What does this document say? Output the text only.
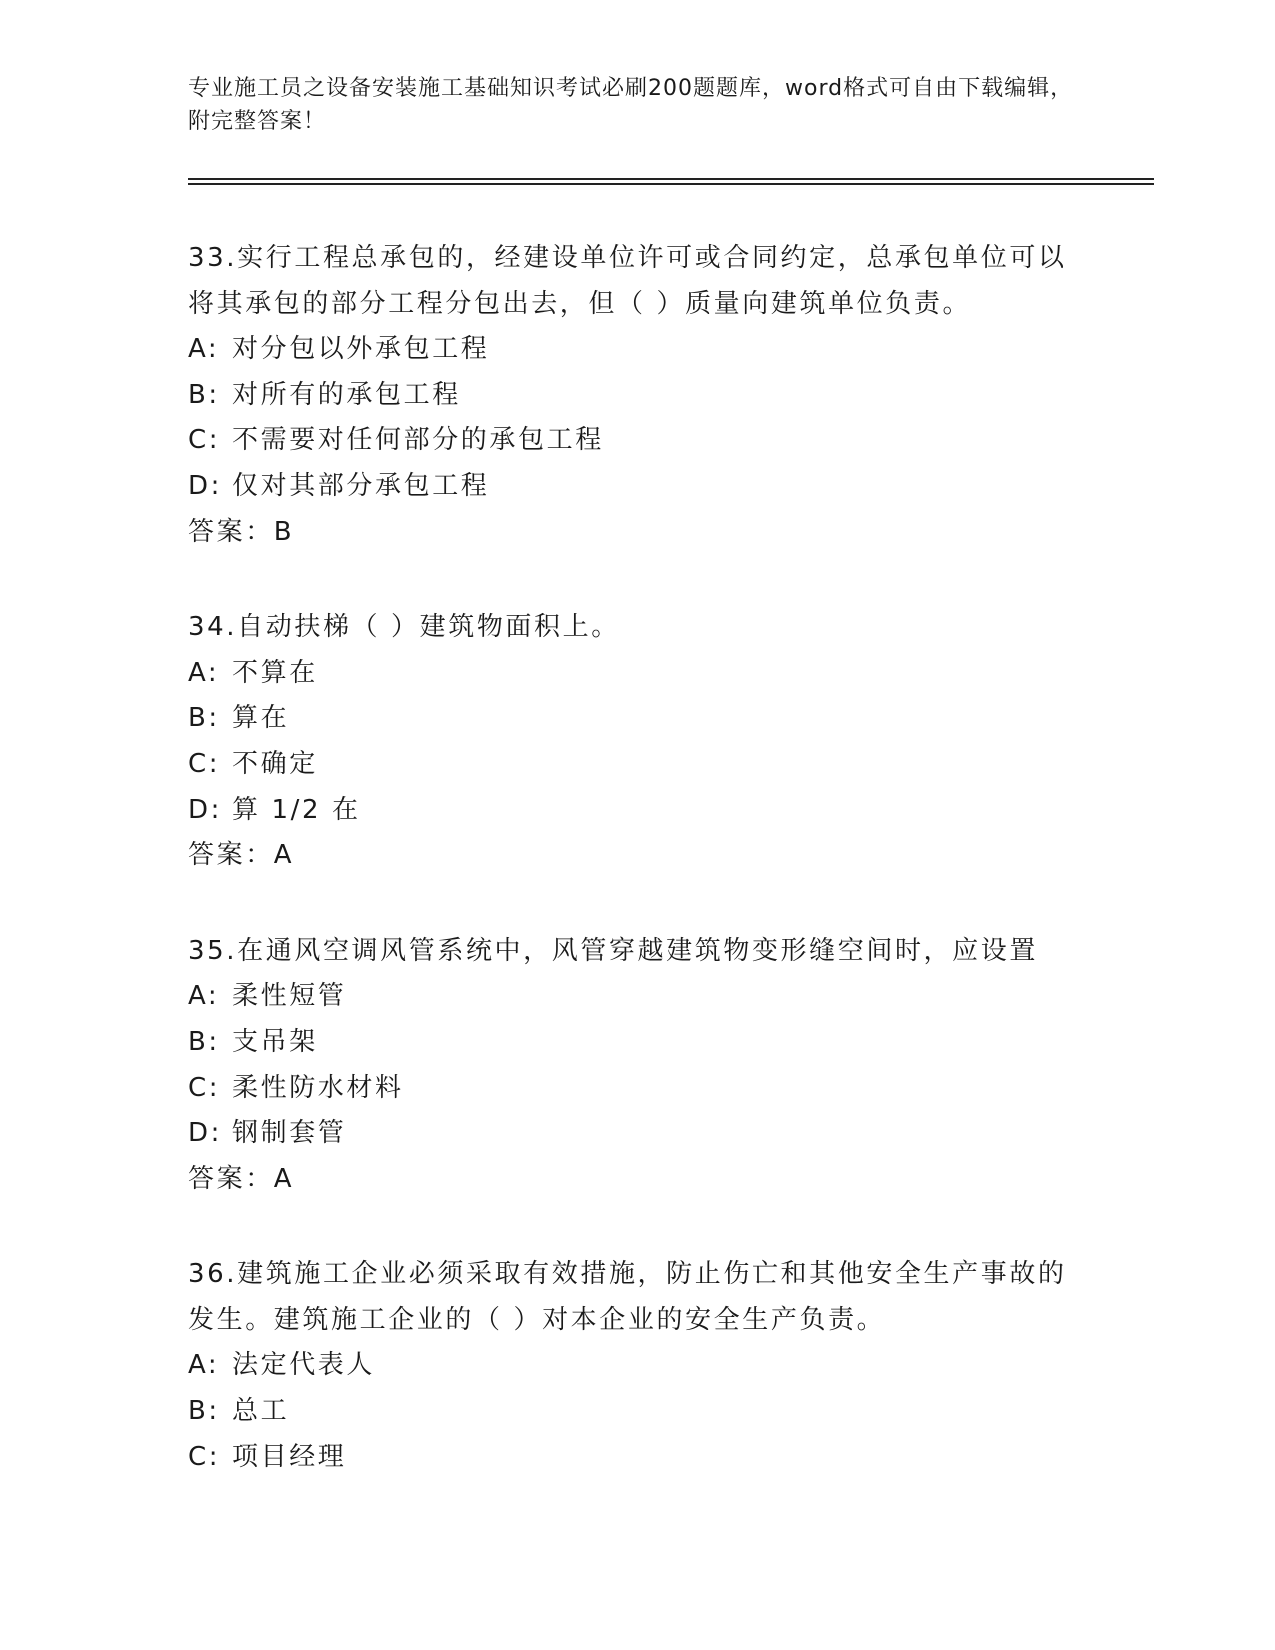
专业施工员之设备安装施工基础知识考试必刷200题题库，word格式可自由下载编辑，附完整答案！

33.实行工程总承包的，经建设单位许可或合同约定，总承包单位可以将其承包的部分工程分包出去，但（ ）质量向建筑单位负责。

A: 对分包以外承包工程

B: 对所有的承包工程

C: 不需要对任何部分的承包工程

D: 仅对其部分承包工程

答案：B

34.自动扶梯（ ）建筑物面积上。

A: 不算在

B: 算在

C: 不确定

D: 算 1/2 在

答案：A

35.在通风空调风管系统中，风管穿越建筑物变形缝空间时，应设置

A: 柔性短管

B: 支吊架

C: 柔性防水材料

D: 钢制套管

答案：A

36.建筑施工企业必须采取有效措施，防止伤亡和其他安全生产事故的发生。建筑施工企业的（ ）对本企业的安全生产负责。

A: 法定代表人

B: 总工

C: 项目经理
